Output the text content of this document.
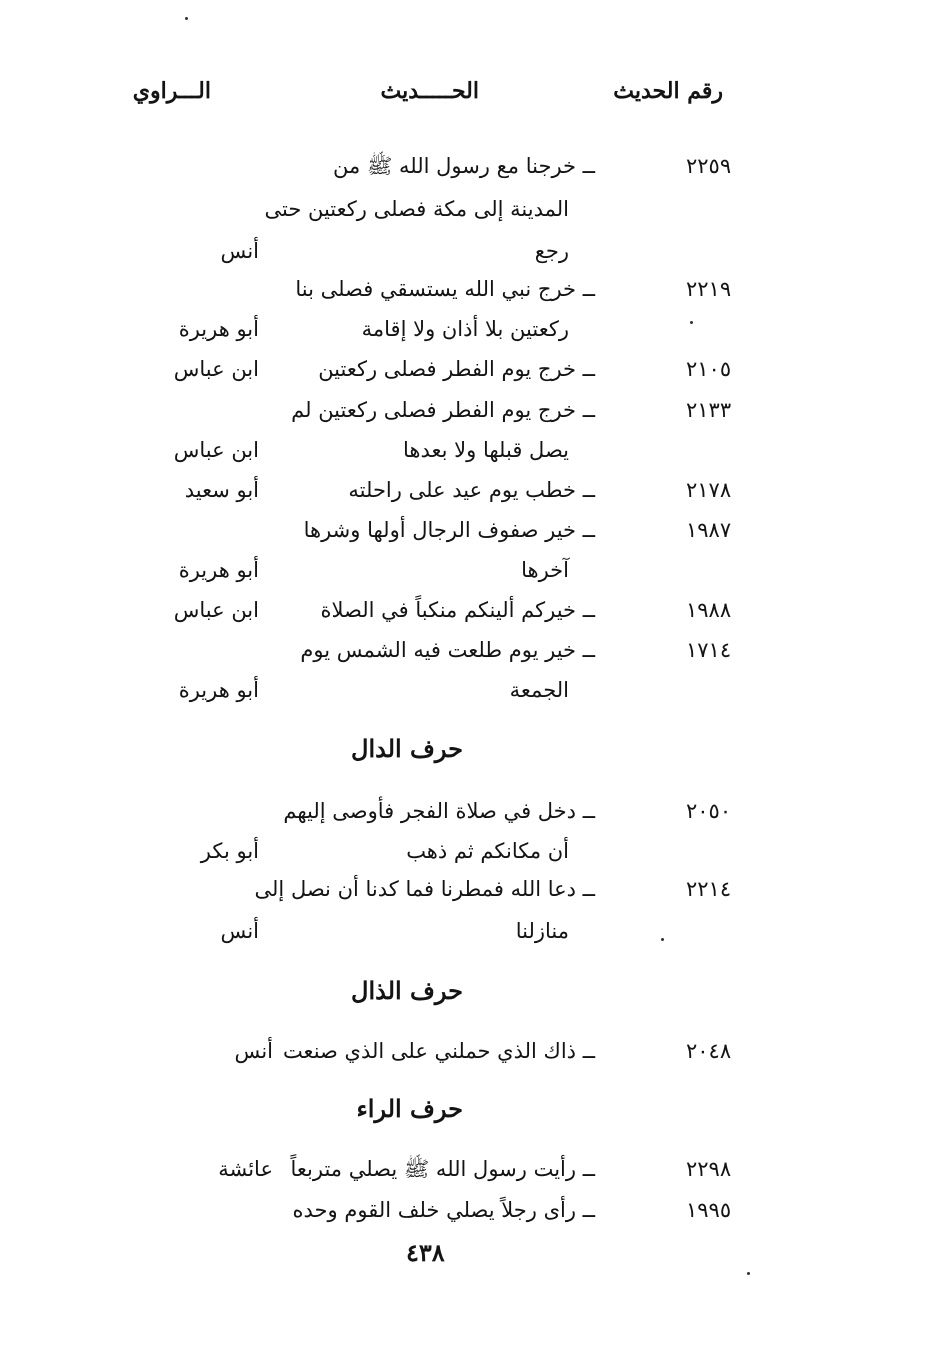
رقم الحديث
الحـــــديث
الـــراوي
٢٢٥٩
ــ خرجنا مع رسول الله ﷺ من
المدينة إلى مكة فصلى ركعتين حتى
رجع
أنس
٢٢١٩
ــ خرج نبي الله يستسقي فصلى بنا
ركعتين بلا أذان ولا إقامة
أبو هريرة
٢١٠٥
ــ خرج يوم الفطر فصلى ركعتين
ابن عباس
٢١٣٣
ــ خرج يوم الفطر فصلى ركعتين لم
يصل قبلها ولا بعدها
ابن عباس
٢١٧٨
ــ خطب يوم عيد على راحلته
أبو سعيد
١٩٨٧
ــ خير صفوف الرجال أولها وشرها
آخرها
أبو هريرة
١٩٨٨
ــ خيركم ألينكم منكباً في الصلاة
ابن عباس
١٧١٤
ــ خير يوم طلعت فيه الشمس يوم
الجمعة
أبو هريرة
حرف الدال
٢٠٥٠
ــ دخل في صلاة الفجر فأوصى إليهم
أن مكانكم ثم ذهب
أبو بكر
٢٢١٤
ــ دعا الله فمطرنا فما كدنا أن نصل إلى
منازلنا
أنس
حرف الذال
٢٠٤٨
ــ ذاك الذي حملني على الذي صنعت
أنس
حرف الراء
٢٢٩٨
ــ رأيت رسول الله ﷺ يصلي متربعاً
عائشة
١٩٩٥
ــ رأى رجلاً يصلي خلف القوم وحده
٤٣٨
